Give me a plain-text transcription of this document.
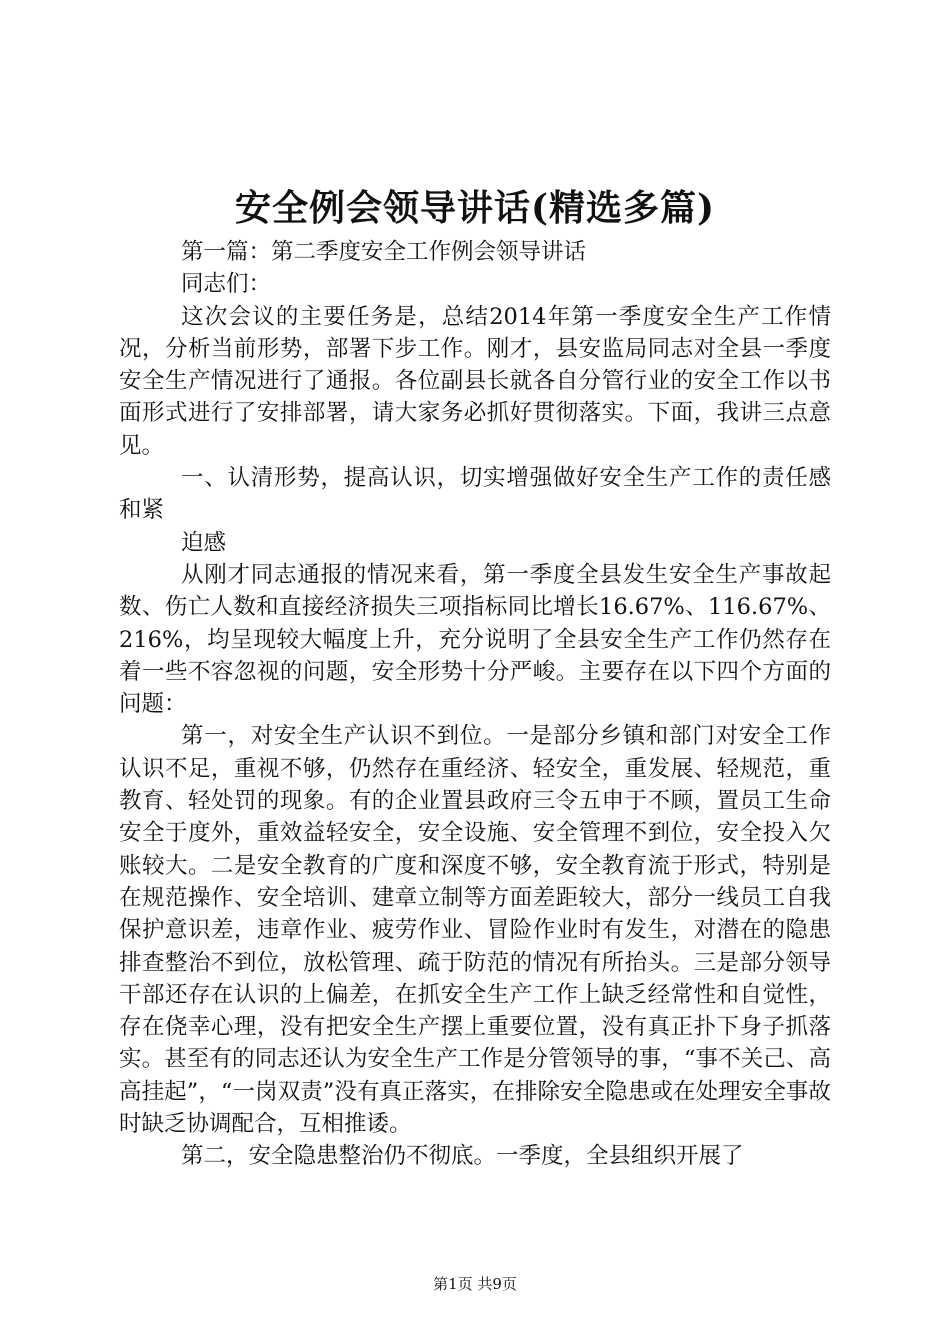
安全例会领导讲话(精选多篇)

第一篇：第二季度安全工作例会领导讲话

同志们：

这次会议的主要任务是，总结2014年第一季度安全生产工作情况，分析当前形势，部署下步工作。刚才，县安监局同志对全县一季度安全生产情况进行了通报。各位副县长就各自分管行业的安全工作以书面形式进行了安排部署，请大家务必抓好贯彻落实。下面，我讲三点意见。

一、认清形势，提高认识，切实增强做好安全生产工作的责任感和紧

迫感

从刚才同志通报的情况来看，第一季度全县发生安全生产事故起数、伤亡人数和直接经济损失三项指标同比增长16.67%、116.67%、216%，均呈现较大幅度上升，充分说明了全县安全生产工作仍然存在着一些不容忽视的问题，安全形势十分严峻。主要存在以下四个方面的问题：

第一，对安全生产认识不到位。一是部分乡镇和部门对安全工作认识不足，重视不够，仍然存在重经济、轻安全，重发展、轻规范，重教育、轻处罚的现象。有的企业置县政府三令五申于不顾，置员工生命安全于度外，重效益轻安全，安全设施、安全管理不到位，安全投入欠账较大。二是安全教育的广度和深度不够，安全教育流于形式，特别是在规范操作、安全培训、建章立制等方面差距较大，部分一线员工自我保护意识差，违章作业、疲劳作业、冒险作业时有发生，对潜在的隐患排查整治不到位，放松管理、疏于防范的情况有所抬头。三是部分领导干部还存在认识的上偏差，在抓安全生产工作上缺乏经常性和自觉性，存在侥幸心理，没有把安全生产摆上重要位置，没有真正扑下身子抓落实。甚至有的同志还认为安全生产工作是分管领导的事，“事不关己、高高挂起”，“一岗双责”没有真正落实，在排除安全隐患或在处理安全事故时缺乏协调配合，互相推诿。

第二，安全隐患整治仍不彻底。一季度，全县组织开展了

第1页 共9页
